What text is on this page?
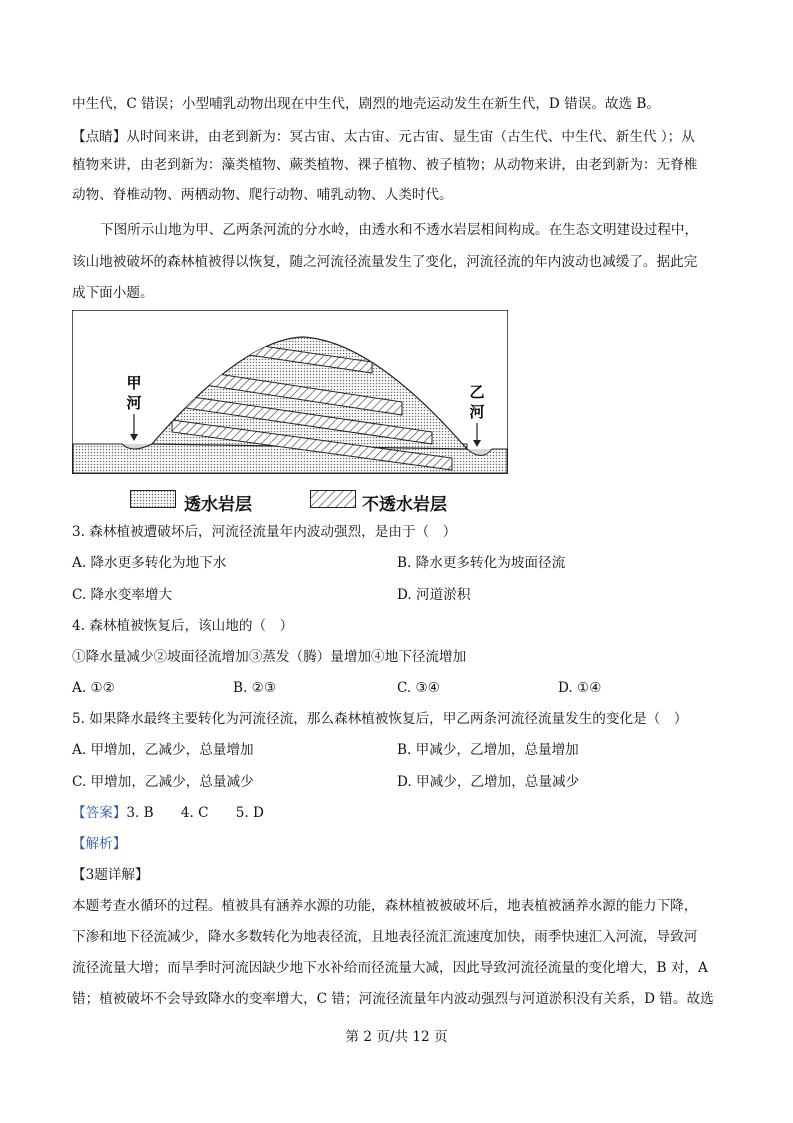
中生代，C 错误；小型哺乳动物出现在中生代，剧烈的地壳运动发生在新生代，D 错误。故选 B。
【点睛】从时间来讲，由老到新为：冥古宙、太古宙、元古宙、显生宙（古生代、中生代、新生代 ）；从
植物来讲，由老到新为：藻类植物、蕨类植物、裸子植物、被子植物；从动物来讲，由老到新为：无脊椎
动物、脊椎动物、两栖动物、爬行动物、哺乳动物、人类时代。
下图所示山地为甲、乙两条河流的分水岭，由透水和不透水岩层相间构成。在生态文明建设过程中，
该山地被破坏的森林植被得以恢复，随之河流径流量发生了变化，河流径流的年内波动也减缓了。据此完
成下面小题。
甲
河
乙
河
透水岩层	不透水岩层
3. 森林植被遭破坏后，河流径流量年内波动强烈，是由于（　）
A. 降水更多转化为地下水	B. 降水更多转化为坡面径流
C. 降水变率增大	D. 河道淤积
4. 森林植被恢复后，该山地的（　）
①降水量减少②坡面径流增加③蒸发（腾）量增加④地下径流增加
A. ①②	B. ②③	C. ③④	D. ①④
5. 如果降水最终主要转化为河流径流，那么森林植被恢复后，甲乙两条河流径流量发生的变化是（　）
A. 甲增加，乙减少，总量增加	B. 甲减少，乙增加，总量增加
C. 甲增加，乙减少，总量减少	D. 甲减少，乙增加，总量减少
【答案】3. B　　4. C　　5. D
【解析】
【3题详解】
本题考查水循环的过程。植被具有涵养水源的功能，森林植被被破坏后，地表植被涵养水源的能力下降，
下渗和地下径流减少，降水多数转化为地表径流，且地表径流汇流速度加快，雨季快速汇入河流，导致河
流径流量大增；而旱季时河流因缺少地下水补给而径流量大减，因此导致河流径流量的变化增大，B 对，A
错；植被破坏不会导致降水的变率增大，C 错；河流径流量年内波动强烈与河道淤积没有关系，D 错。故选
第 2 页/共 12 页
